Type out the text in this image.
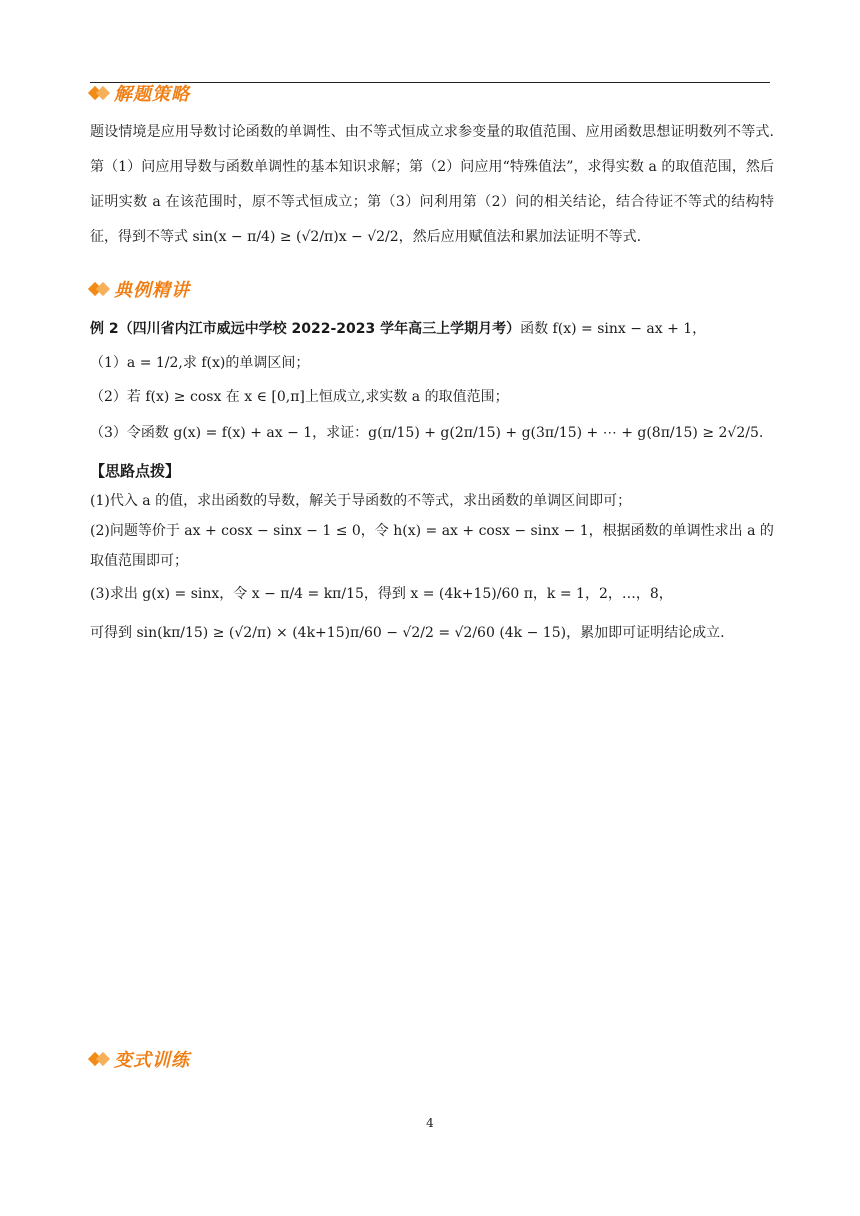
解题策略
题设情境是应用导数讨论函数的单调性、由不等式恒成立求参变量的取值范围、应用函数思想证明数列不等式. 第（1）问应用导数与函数单调性的基本知识求解；第（2）问应用“特殊值法”，求得实数 a 的取值范围，然后证明实数 a 在该范围时，原不等式恒成立；第（3）问利用第（2）问的相关结论，结合待证不等式的结构特征，得到不等式 sin(x − π/4) ≥ (√2/π)x − √2/2，然后应用赋值法和累加法证明不等式.
典例精讲
例 2（四川省内江市威远中学校 2022-2023 学年高三上学期月考）函数 f(x) = sinx − ax + 1，
（1）a = 1/2,求 f(x)的单调区间；
（2）若 f(x) ≥ cosx 在 x ∈ [0,π]上恒成立,求实数 a 的取值范围；
（3）令函数 g(x) = f(x) + ax − 1，求证：g(π/15) + g(2π/15) + g(3π/15) + ⋯ + g(8π/15) ≥ 2√2/5.
【思路点拨】
(1)代入 a 的值，求出函数的导数，解关于导函数的不等式，求出函数的单调区间即可；
(2)问题等价于 ax + cosx − sinx − 1 ≤ 0，令 h(x) = ax + cosx − sinx − 1，根据函数的单调性求出 a 的
取值范围即可；
(3)求出 g(x) = sinx，令 x − π/4 = kπ/15，得到 x = (4k+15)/60 π，k = 1，2，…，8，
可得到 sin(kπ/15) ≥ (√2/π) × (4k+15)π/60 − √2/2 = √2/60 (4k − 15)，累加即可证明结论成立.
变式训练
4
